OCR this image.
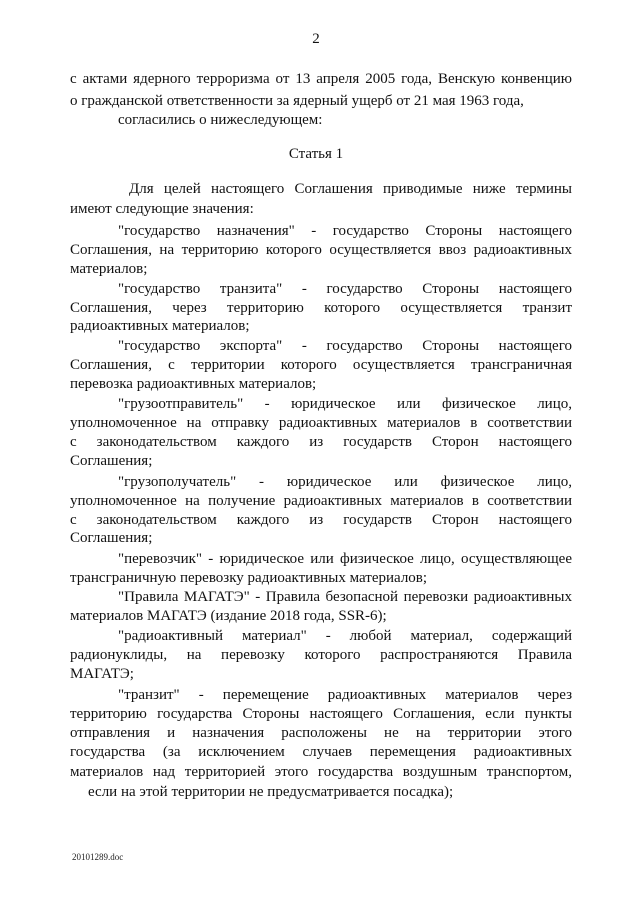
2
с актами ядерного терроризма от 13 апреля 2005 года, Венскую конвенцию
о гражданской ответственности за ядерный ущерб от 21 мая 1963 года,
согласились о нижеследующем:
Статья 1
Для целей настоящего Соглашения приводимые ниже термины
имеют следующие значения:
"государство назначения" - государство Стороны настоящего
Соглашения, на территорию которого осуществляется ввоз радиоактивных
материалов;
"государство транзита" - государство Стороны настоящего
Соглашения, через территорию которого осуществляется транзит
радиоактивных материалов;
"государство экспорта" - государство Стороны настоящего
Соглашения, с территории которого осуществляется трансграничная
перевозка радиоактивных материалов;
"грузоотправитель" - юридическое или физическое лицо,
уполномоченное на отправку радиоактивных материалов в соответствии
с законодательством каждого из государств Сторон настоящего
Соглашения;
"грузополучатель" - юридическое или физическое лицо,
уполномоченное на получение радиоактивных материалов в соответствии
с законодательством каждого из государств Сторон настоящего
Соглашения;
"перевозчик" - юридическое или физическое лицо, осуществляющее
трансграничную перевозку радиоактивных материалов;
"Правила МАГАТЭ" - Правила безопасной перевозки радиоактивных
материалов МАГАТЭ (издание 2018 года, SSR-6);
"радиоактивный материал" - любой материал, содержащий
радионуклиды, на перевозку которого распространяются Правила
МАГАТЭ;
"транзит" - перемещение радиоактивных материалов через
территорию государства Стороны настоящего Соглашения, если пункты
отправления и назначения расположены не на территории этого
государства (за исключением случаев перемещения радиоактивных
материалов над территорией этого государства воздушным транспортом,
если на этой территории не предусматривается посадка);
20101289.doc
